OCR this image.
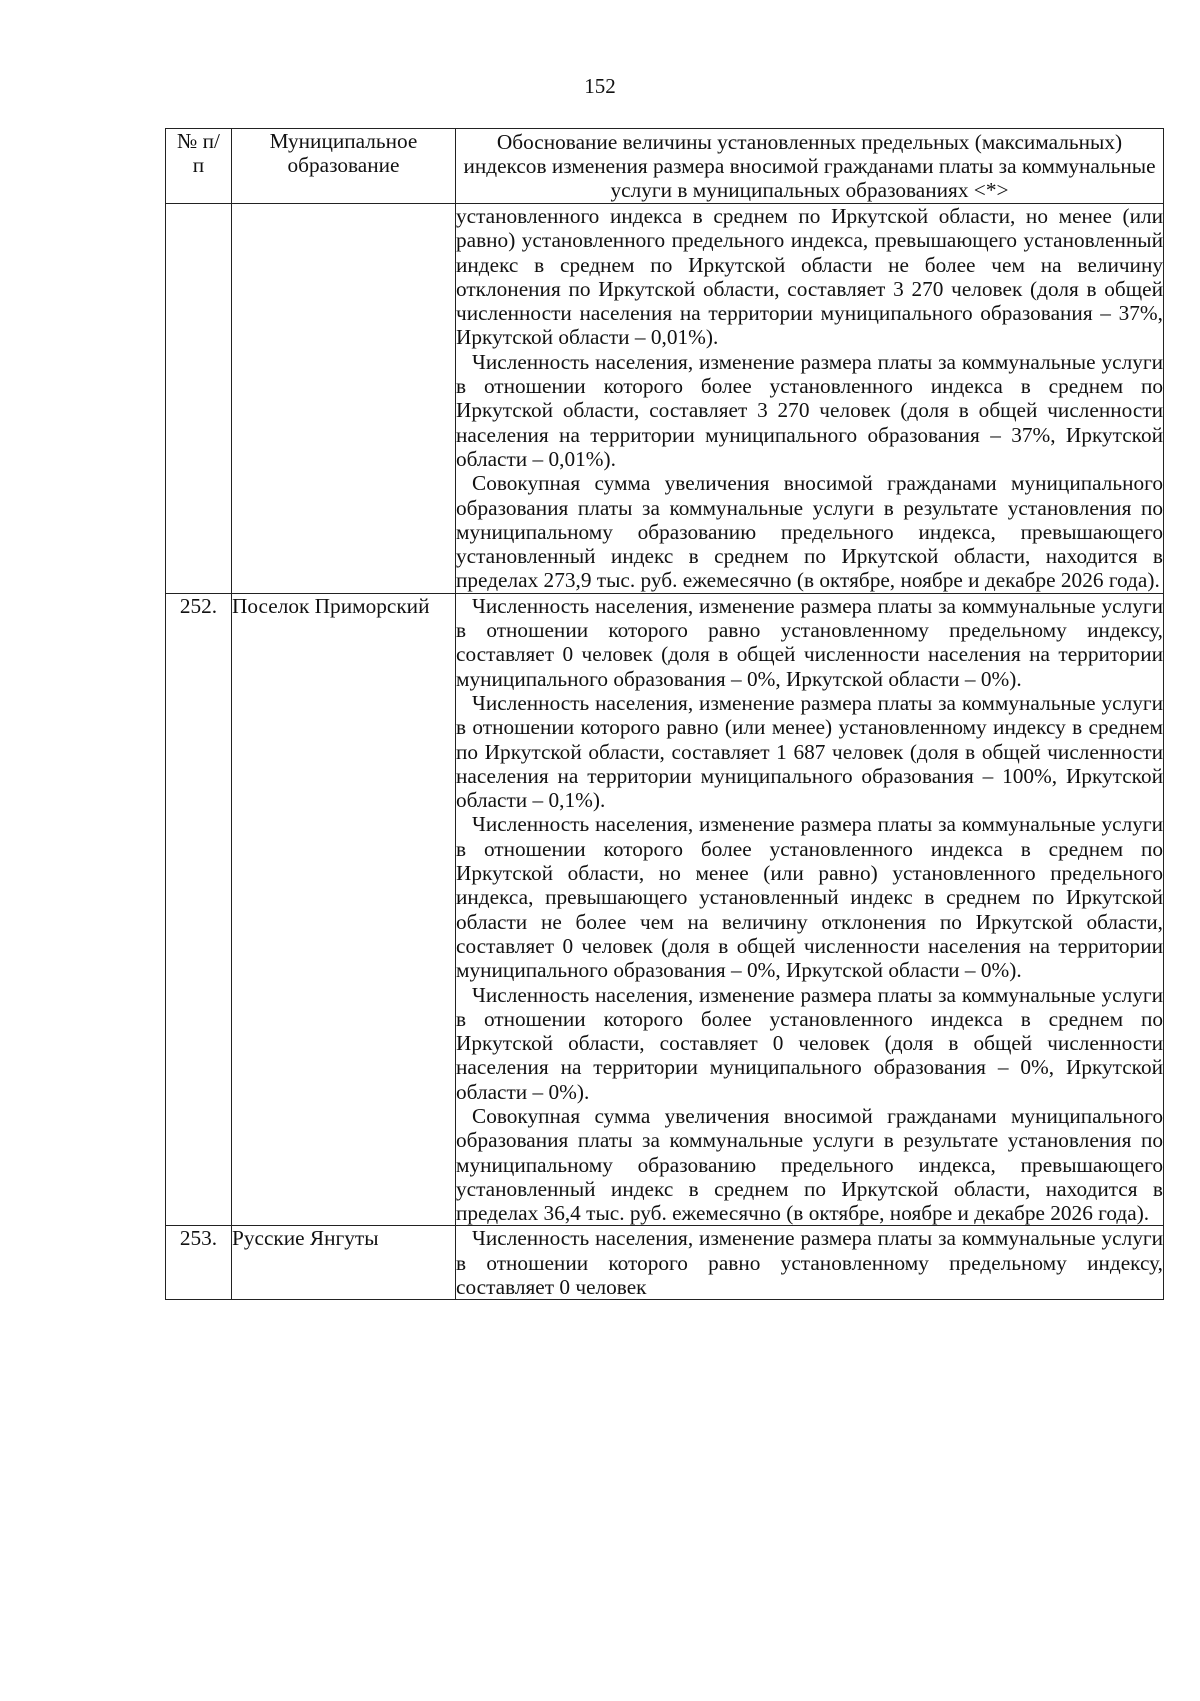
152
№ п/п	Муниципальное образование	Обоснование величины установленных предельных (максимальных) индексов изменения размера вносимой гражданами платы за коммунальные услуги в муниципальных образованиях <*>

		установленного индекса в среднем по Иркутской области, но менее (или равно) установленного предельного индекса, превышающего установленный индекс в среднем по Иркутской области не более чем на величину отклонения по Иркутской области, составляет 3 270 человек (доля в общей численности населения на территории муниципального образования – 37%, Иркутской области – 0,01%).

Численность населения, изменение размера платы за коммунальные услуги в отношении которого более установленного индекса в среднем по Иркутской области, составляет 3 270 человек (доля в общей численности населения на территории муниципального образования – 37%, Иркутской области – 0,01%).

Совокупная сумма увеличения вносимой гражданами муниципального образования платы за коммунальные услуги в результате установления по муниципальному образованию предельного индекса, превышающего установленный индекс в среднем по Иркутской области, находится в пределах 273,9 тыс. руб. ежемесячно (в октябре, ноябре и декабре 2026 года).

252.	Поселок Приморский	Численность населения, изменение размера платы за коммунальные услуги в отношении которого равно установленному предельному индексу, составляет 0 человек (доля в общей численности населения на территории муниципального образования – 0%, Иркутской области – 0%).

Численность населения, изменение размера платы за коммунальные услуги в отношении которого равно (или менее) установленному индексу в среднем по Иркутской области, составляет 1 687 человек (доля в общей численности населения на территории муниципального образования – 100%, Иркутской области – 0,1%).

Численность населения, изменение размера платы за коммунальные услуги в отношении которого более установленного индекса в среднем по Иркутской области, но менее (или равно) установленного предельного индекса, превышающего установленный индекс в среднем по Иркутской области не более чем на величину отклонения по Иркутской области, составляет 0 человек (доля в общей численности населения на территории муниципального образования – 0%, Иркутской области – 0%).

Численность населения, изменение размера платы за коммунальные услуги в отношении которого более установленного индекса в среднем по Иркутской области, составляет 0 человек (доля в общей численности населения на территории муниципального образования – 0%, Иркутской области – 0%).

Совокупная сумма увеличения вносимой гражданами муниципального образования платы за коммунальные услуги в результате установления по муниципальному образованию предельного индекса, превышающего установленный индекс в среднем по Иркутской области, находится в пределах 36,4 тыс. руб. ежемесячно (в октябре, ноябре и декабре 2026 года).

253.	Русские Янгуты	Численность населения, изменение размера платы за коммунальные услуги в отношении которого равно установленному предельному индексу, составляет 0 человек
